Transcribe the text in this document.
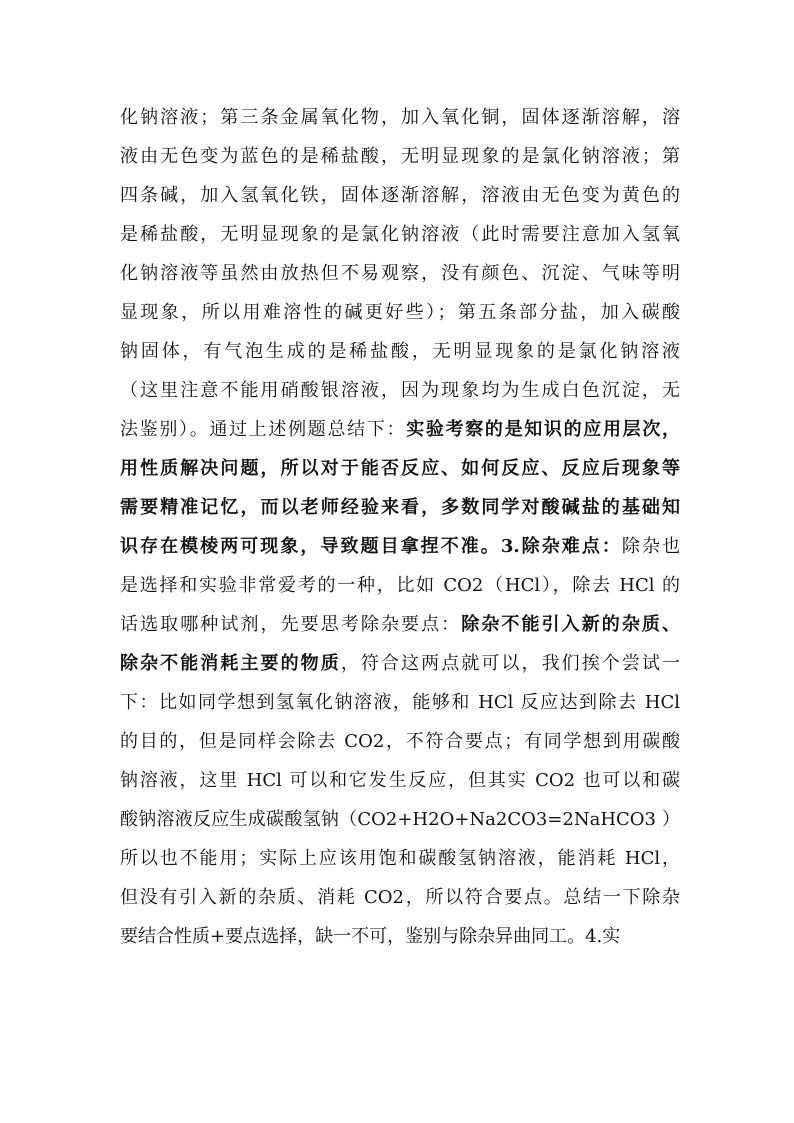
化钠溶液；第三条金属氧化物，加入氧化铜，固体逐渐溶解，溶
液由无色变为蓝色的是稀盐酸，无明显现象的是氯化钠溶液；第
四条碱，加入氢氧化铁，固体逐渐溶解，溶液由无色变为黄色的
是稀盐酸，无明显现象的是氯化钠溶液（此时需要注意加入氢氧
化钠溶液等虽然由放热但不易观察，没有颜色、沉淀、气味等明
显现象，所以用难溶性的碱更好些）；第五条部分盐，加入碳酸
钠固体，有气泡生成的是稀盐酸，无明显现象的是氯化钠溶液
（这里注意不能用硝酸银溶液，因为现象均为生成白色沉淀，无
法鉴别）。通过上述例题总结下：实验考察的是知识的应用层次，
用性质解决问题，所以对于能否反应、如何反应、反应后现象等
需要精准记忆，而以老师经验来看，多数同学对酸碱盐的基础知
识存在模棱两可现象，导致题目拿捏不准。3.除杂难点：除杂也
是选择和实验非常爱考的一种，比如 CO2（HCl），除去 HCl 的
话选取哪种试剂，先要思考除杂要点：除杂不能引入新的杂质、
除杂不能消耗主要的物质，符合这两点就可以，我们挨个尝试一
下：比如同学想到氢氧化钠溶液，能够和 HCl 反应达到除去 HCl
的目的，但是同样会除去 CO2，不符合要点；有同学想到用碳酸
钠溶液，这里 HCl 可以和它发生反应，但其实 CO2 也可以和碳
酸钠溶液反应生成碳酸氢钠（CO2+H2O+Na2CO3=2NaHCO3 ）
所以也不能用；实际上应该用饱和碳酸氢钠溶液，能消耗 HCl，
但没有引入新的杂质、消耗 CO2，所以符合要点。总结一下除杂
要结合性质+要点选择，缺一不可，鉴别与除杂异曲同工。4.实
